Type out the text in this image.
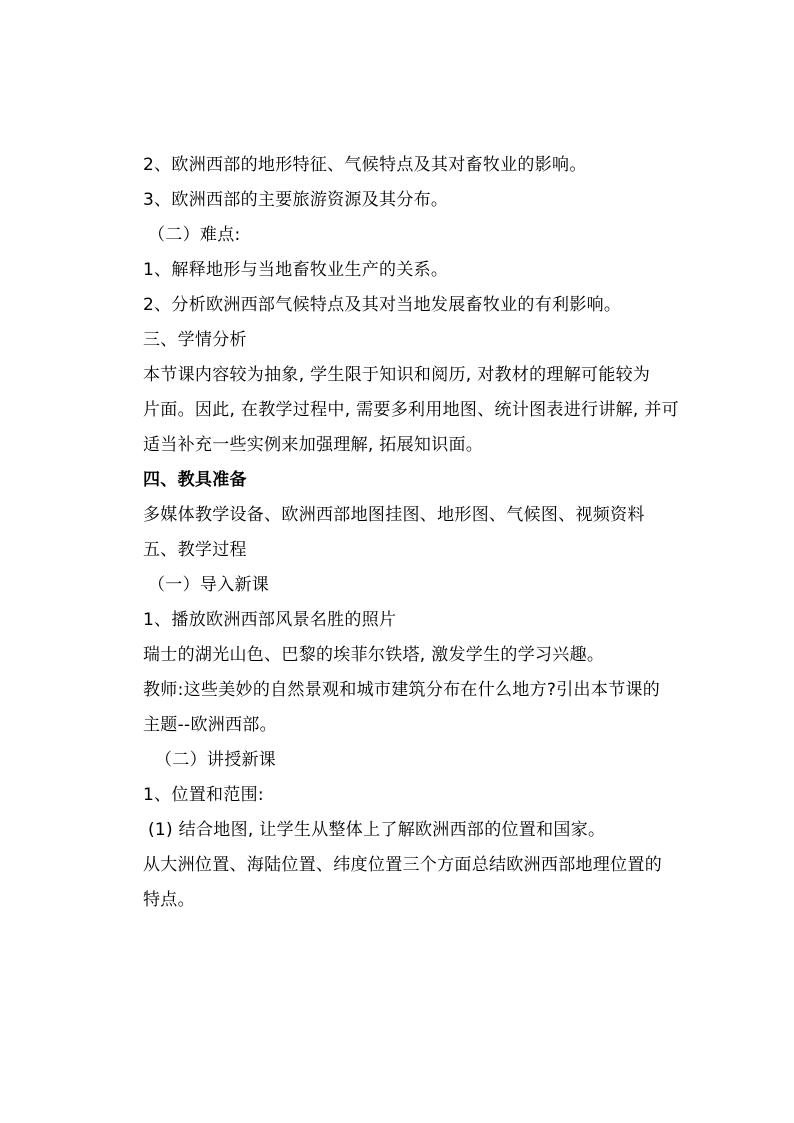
2、欧洲西部的地形特征、气候特点及其对畜牧业的影响。
3、欧洲西部的主要旅游资源及其分布。
（二）难点:
1、解释地形与当地畜牧业生产的关系。
2、分析欧洲西部气候特点及其对当地发展畜牧业的有利影响。
三、学情分析
本节课内容较为抽象, 学生限于知识和阅历, 对教材的理解可能较为
片面。因此, 在教学过程中, 需要多利用地图、统计图表进行讲解, 并可
适当补充一些实例来加强理解, 拓展知识面。
四、教具准备
多媒体教学设备、欧洲西部地图挂图、地形图、气候图、视频资料
五、教学过程
（一）导入新课
1、播放欧洲西部风景名胜的照片
瑞士的湖光山色、巴黎的埃菲尔铁塔, 激发学生的学习兴趣。
教师:这些美妙的自然景观和城市建筑分布在什么地方?引出本节课的
主题--欧洲西部。
（二）讲授新课
1、位置和范围:
(1) 结合地图, 让学生从整体上了解欧洲西部的位置和国家。
从大洲位置、海陆位置、纬度位置三个方面总结欧洲西部地理位置的
特点。
